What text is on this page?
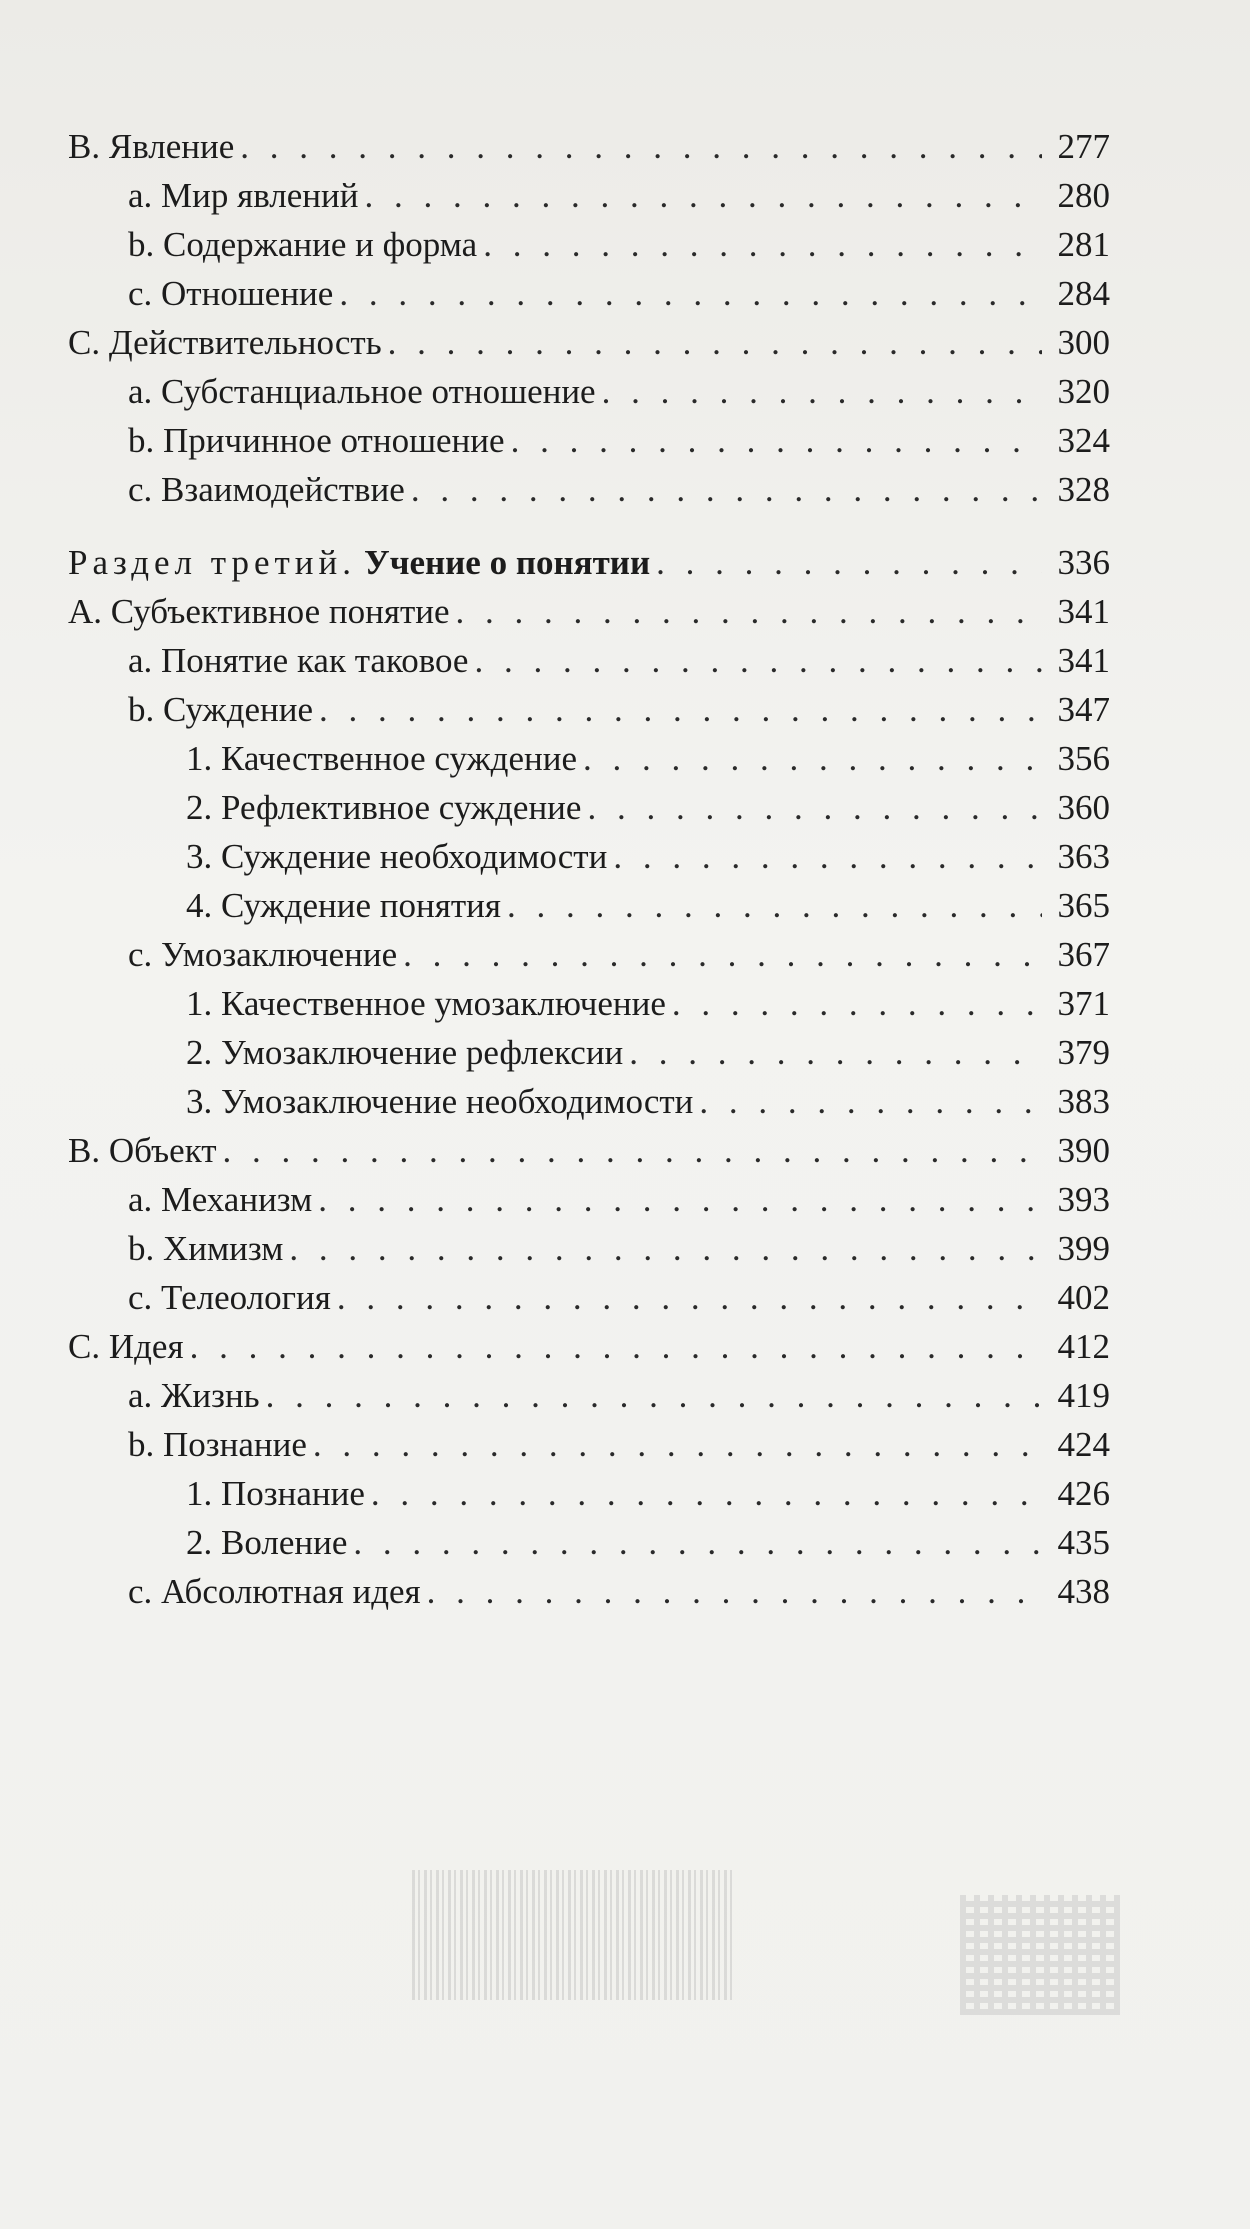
B. Явление . . .	277
a. Мир явлений . . .	280
b. Содержание и форма . . .	281
c. Отношение . . .	284
C. Действительность . . .	300
a. Субстанциальное отношение . . .	320
b. Причинное отношение . . .	324
c. Взаимодействие . . .	328
Раздел третий. Учение о понятии . . .	336
A. Субъективное понятие . . .	341
a. Понятие как таковое . . .	341
b. Суждение . . .	347
1. Качественное суждение . . .	356
2. Рефлективное суждение . . .	360
3. Суждение необходимости . . .	363
4. Суждение понятия . . .	365
c. Умозаключение . . .	367
1. Качественное умозаключение . . .	371
2. Умозаключение рефлексии . . .	379
3. Умозаключение необходимости . . .	383
B. Объект . . .	390
a. Механизм . . .	393
b. Химизм . . .	399
c. Телеология . . .	402
C. Идея . . .	412
a. Жизнь . . .	419
b. Познание . . .	424
1. Познание . . .	426
2. Воление . . .	435
c. Абсолютная идея . . .	438
